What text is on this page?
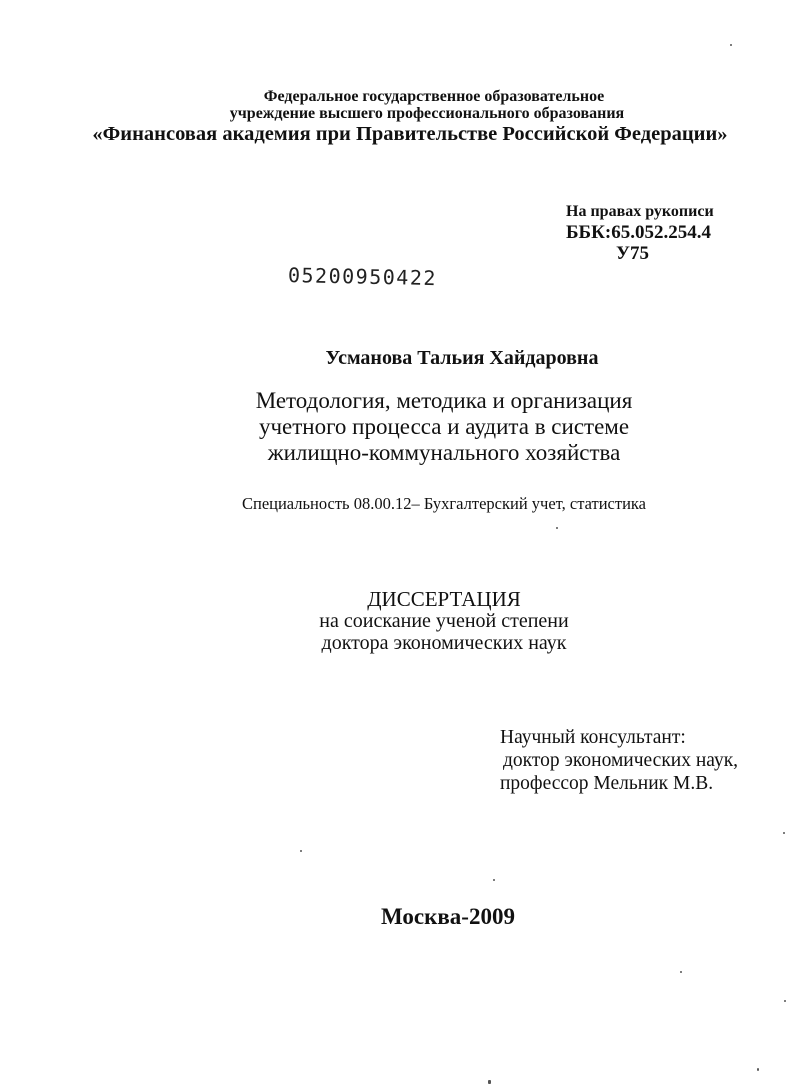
Федеральное государственное образовательное
учреждение высшего профессионального образования
«Финансовая академия при Правительстве Российской Федерации»
На правах рукописи
ББК:65.052.254.4
У75
05200950422
Усманова Тальия Хайдаровна
Методология, методика и организация
учетного процесса и аудита в системе
жилищно-коммунального хозяйства
Специальность 08.00.12– Бухгалтерский учет, статистика
ДИССЕРТАЦИЯ
на соискание ученой степени
доктора экономических наук
Научный консультант:
доктор экономических наук,
профессор Мельник М.В.
Москва-2009
